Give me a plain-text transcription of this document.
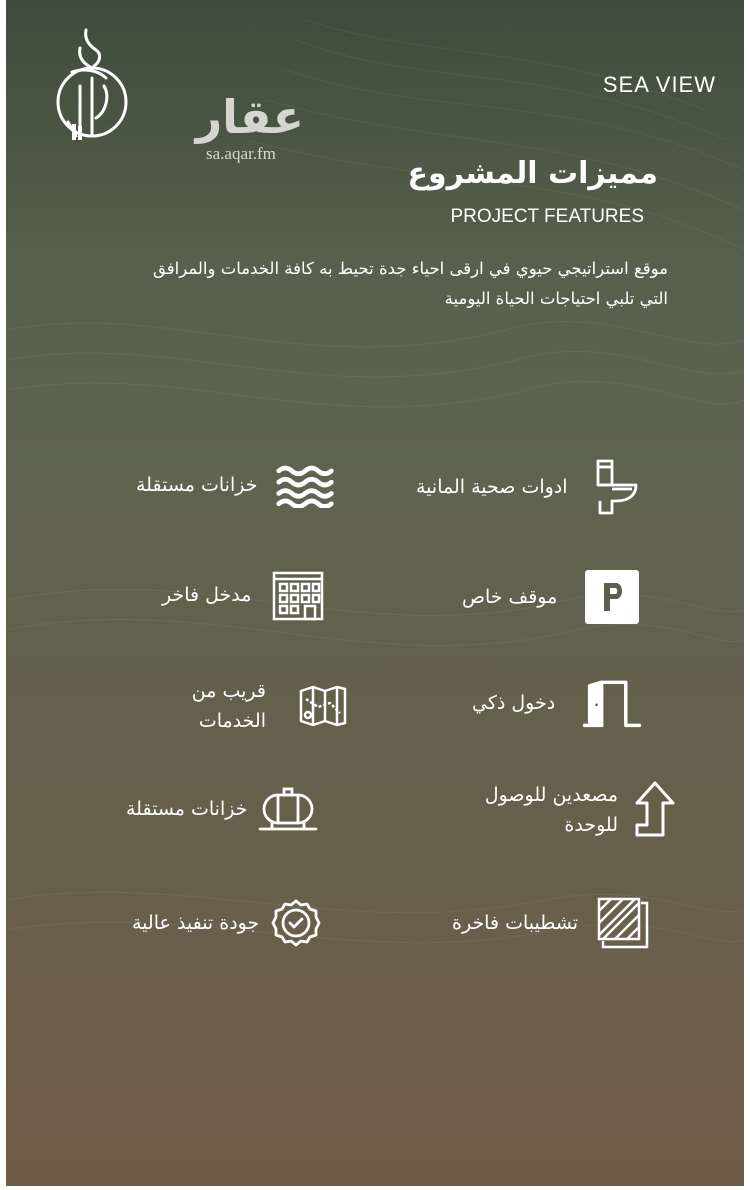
عقار
sa.aqar.fm
SEA VIEW
مميزات المشروع
PROJECT FEATURES
موقع استراتيجي حيوي في ارقى احياء جدة تحيط به كافة الخدمات والمرافق
التي تلبي احتياجات الحياة اليومية
خزانات مستقلة
مدخل فاخر
قريب من الخدمات
خزانات مستقلة
جودة تنفيذ عالية
ادوات صحية المانية
موقف خاص
دخول ذكي
مصعدين للوصول للوحدة
تشطيبات فاخرة
